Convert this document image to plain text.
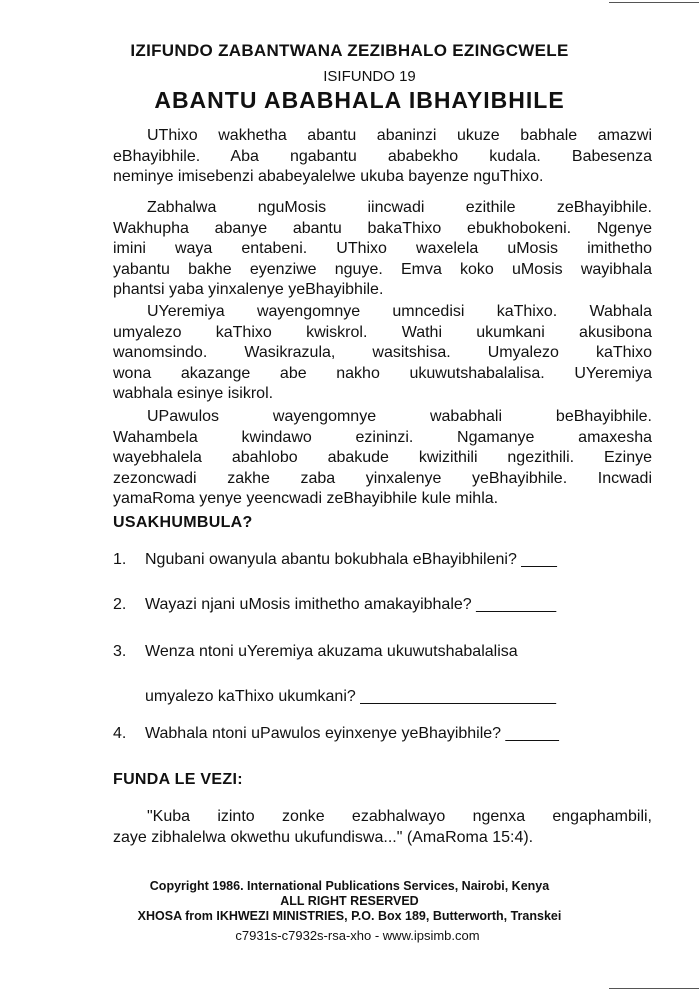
IZIFUNDO ZABANTWANA ZEZIBHALO EZINGCWELE
ISIFUNDO 19
ABANTU ABABHALA IBHAYIBHILE
UThixo wakhetha abantu abaninzi ukuze babhale amazwi
eBhayibhile. Aba ngabantu ababekho kudala. Babesenza
neminye imisebenzi ababeyalelwe ukuba bayenze nguThixo.
Zabhalwa nguMosis iincwadi ezithile zeBhayibhile.
Wakhupha abanye abantu bakaThixo ebukhobokeni. Ngenye
imini waya entabeni. UThixo waxelela uMosis imithetho
yabantu bakhe eyenziwe nguye. Emva koko uMosis wayibhala
phantsi yaba yinxalenye yeBhayibhile.
UYeremiya wayengomnye umncedisi kaThixo. Wabhala
umyalezo kaThixo kwiskrol. Wathi ukumkani akusibona
wanomsindo. Wasikrazula, wasitshisa. Umyalezo kaThixo
wona akazange abe nakho ukuwutshabalalisa. UYeremiya
wabhala esinye isikrol.
UPawulos wayengomnye wababhali beBhayibhile.
Wahambela kwindawo ezininzi. Ngamanye amaxesha
wayebhalela abahlobo abakude kwizithili ngezithili. Ezinye
zezoncwadi zakhe zaba yinxalenye yeBhayibhile. Incwadi
yamaRoma yenye yeencwadi zeBhayibhile kule mihla.
USAKHUMBULA?
1. Ngubani owanyula abantu bokubhala eBhayibhileni? ____
2. Wayazi njani uMosis imithetho amakayibhale? _________
3. Wenza ntoni uYeremiya akuzama ukuwutshabalalisa
umyalezo kaThixo ukumkani? ______________________
4. Wabhala ntoni uPawulos eyinxenye yeBhayibhile? ______
FUNDA LE VEZI:
"Kuba izinto zonke ezabhalwayo ngenxa engaphambili,
zaye zibhalelwa okwethu ukufundiswa..." (AmaRoma 15:4).
Copyright 1986. International Publications Services, Nairobi, Kenya
ALL RIGHT RESERVED
XHOSA from IKHWEZI MINISTRIES, P.O. Box 189, Butterworth, Transkei
c7931s-c7932s-rsa-xho - www.ipsimb.com
